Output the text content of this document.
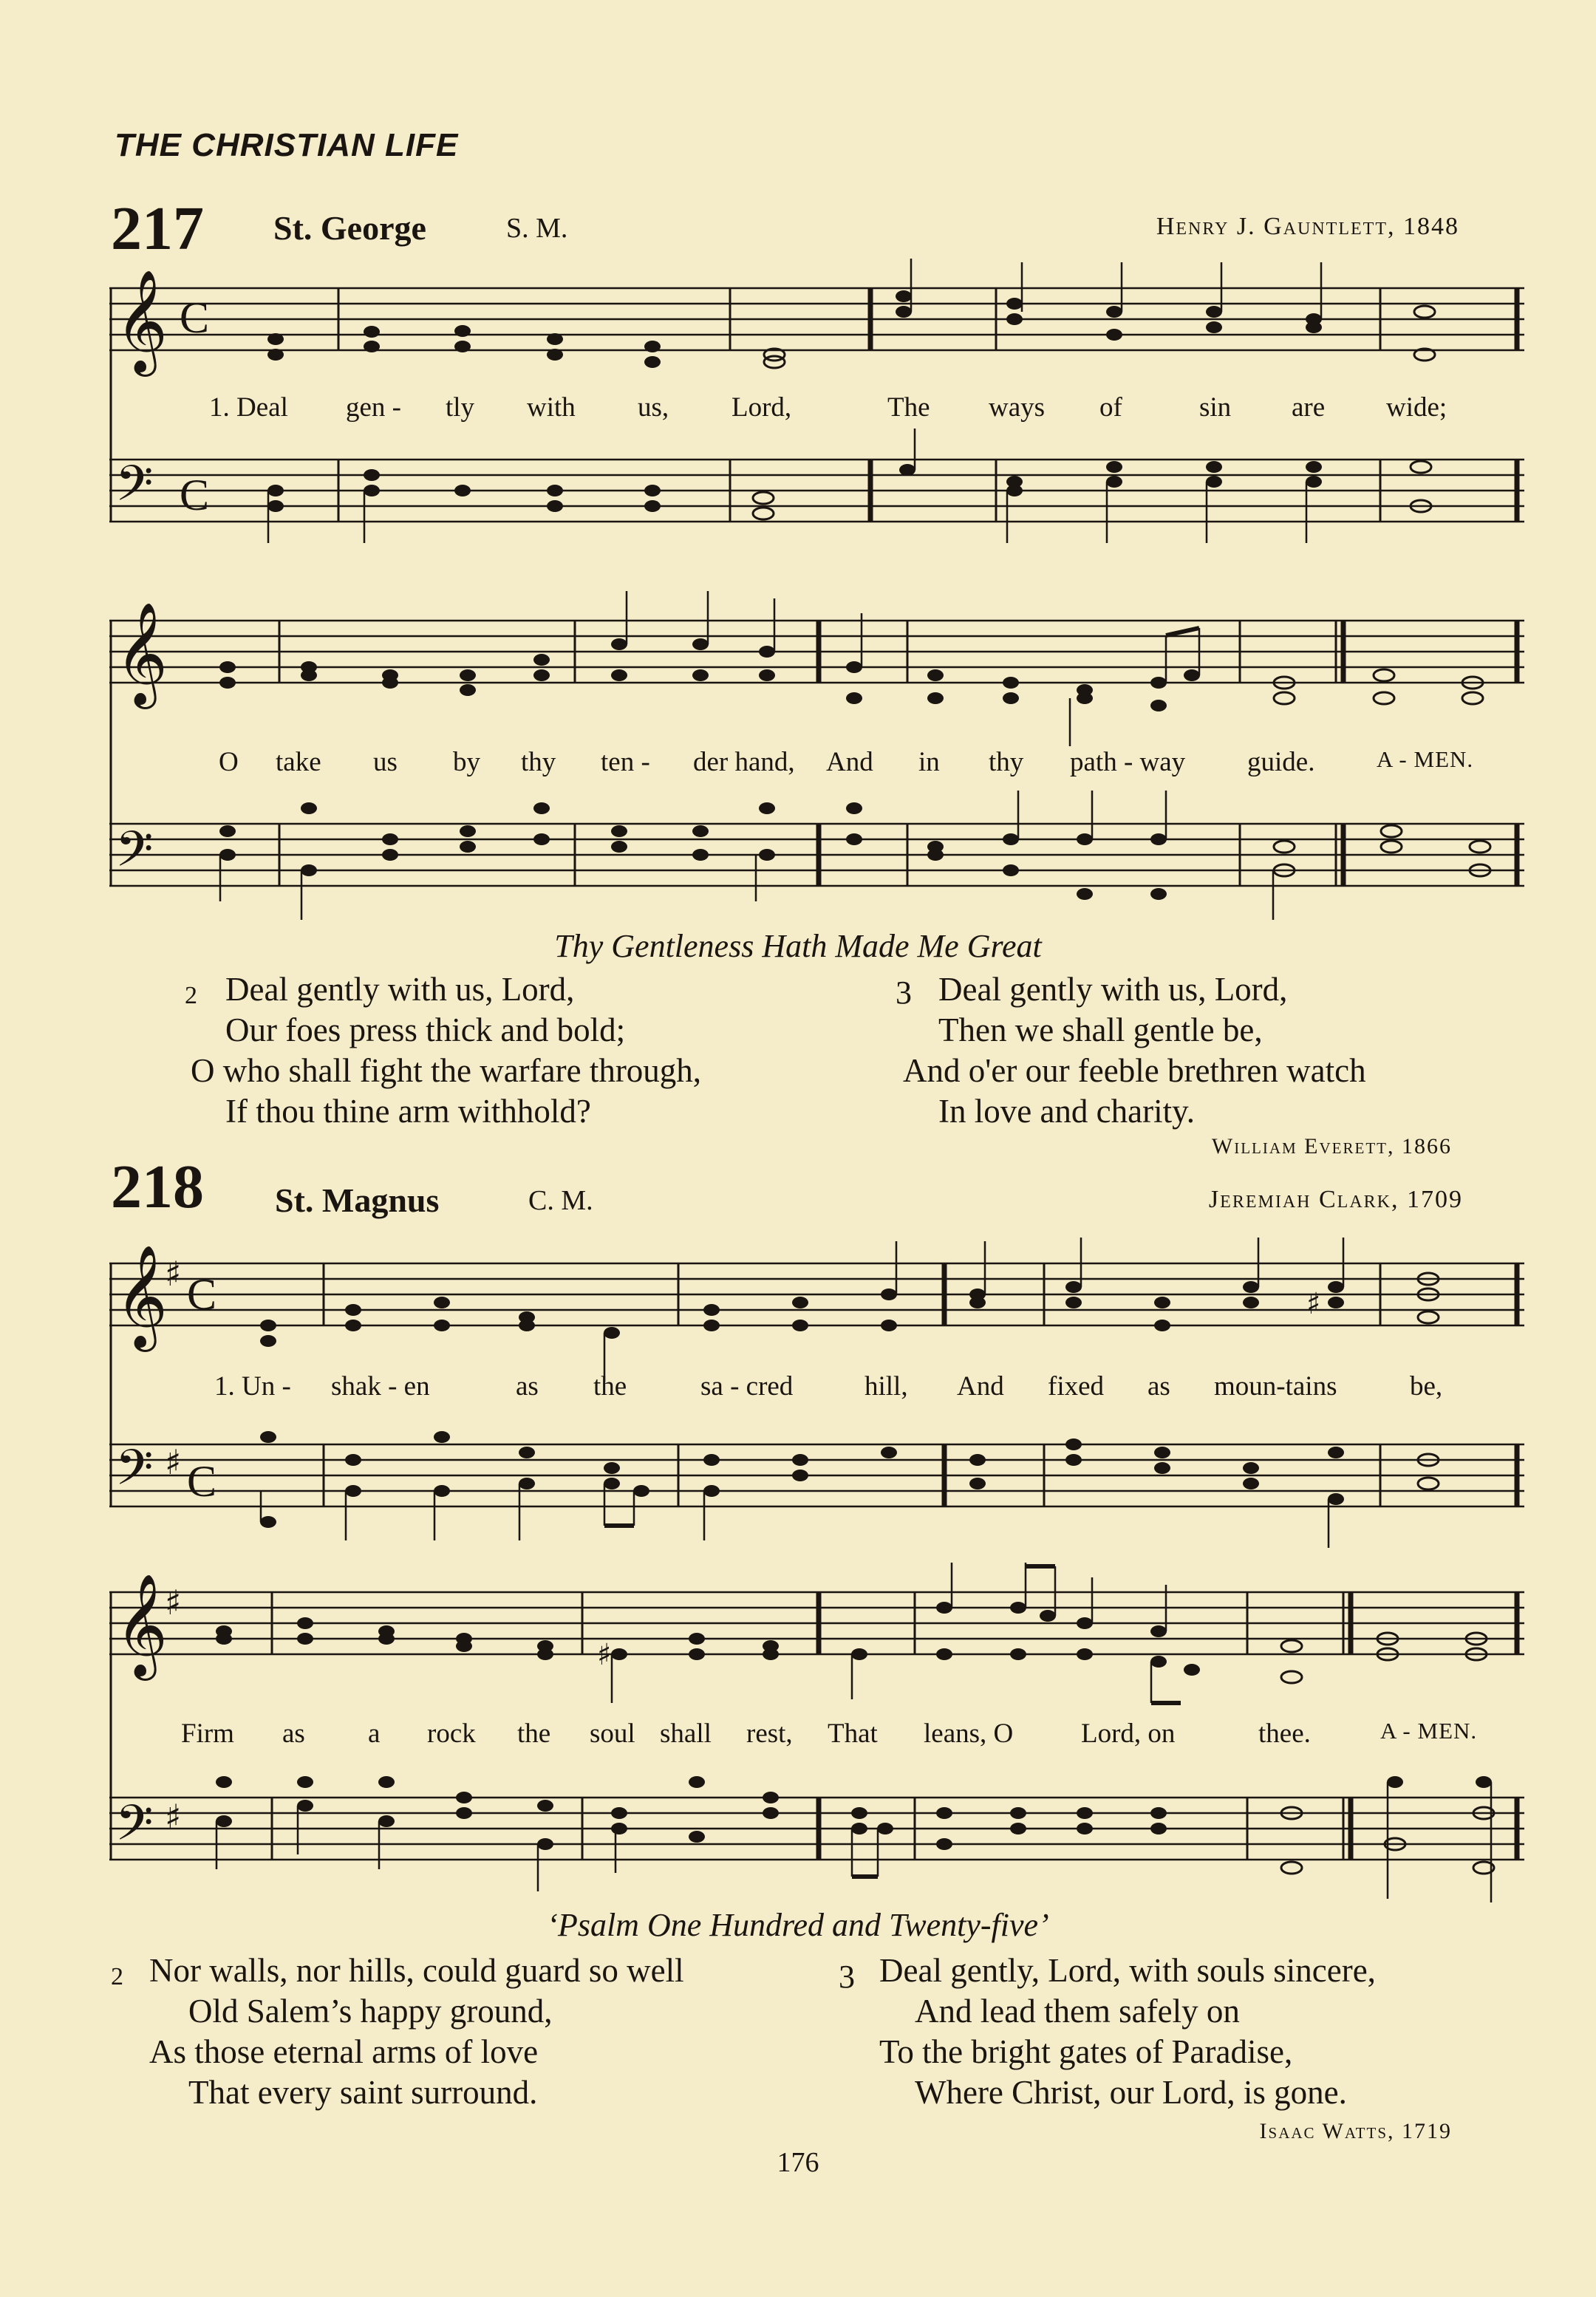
THE CHRISTIAN LIFE
217 St. George	S. M.	Henry J. Gauntlett, 1848
𝄞 C
𝄢 C
1. Deal gen - tly with us, Lord,	The ways of	sin are wide;
𝄞
𝄢
O take us by thy ten - der hand, And in thy path - way guide.	A - MEN.
Thy Gentleness Hath Made Me Great
2 Deal gently with us, Lord,
Our foes press thick and bold;
O who shall fight the warfare through,
If thou thine arm withhold?
3 Deal gently with us, Lord,
Then we shall gentle be,
And o'er our feeble brethren watch
In love and charity.
William Everett, 1866
218 St. Magnus	C. M.	Jeremiah Clark, 1709
𝄞
♯ C
𝄢 ♯ C
♯
1. Un - shak - en	as the	sa - cred	hill, And fixed as moun-tains	be,
𝄞
♯
𝄢 ♯
♯
Firm as a rock the soul shall rest, That leans, O Lord, on	thee.	A - MEN.
‘Psalm One Hundred and Twenty-five’
2 Nor walls, nor hills, could guard so well
Old Salem’s happy ground,
As those eternal arms of love
That every saint surround.
3 Deal gently, Lord, with souls sincere,
And lead them safely on
To the bright gates of Paradise,
Where Christ, our Lord, is gone.
Isaac Watts, 1719
176
